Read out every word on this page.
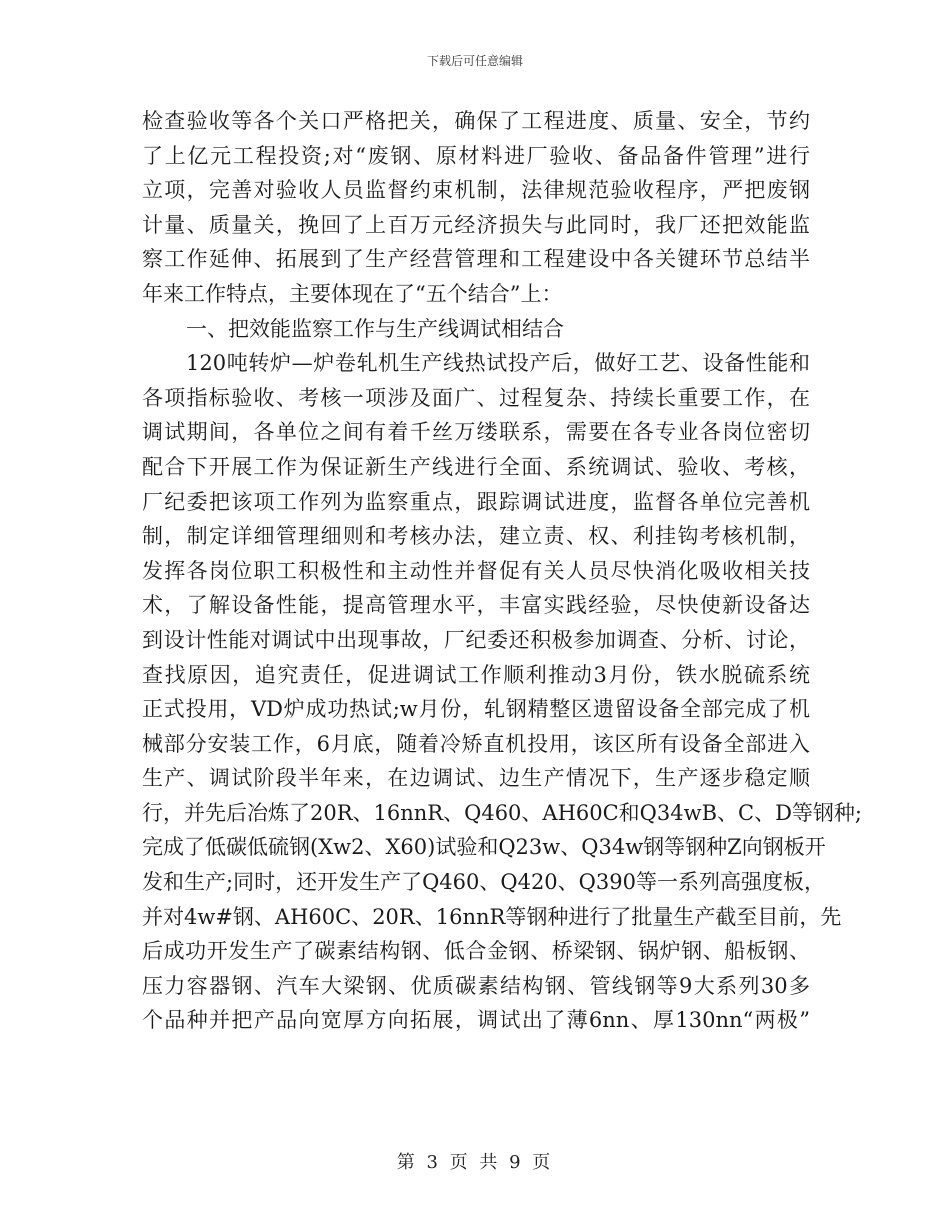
下载后可任意编辑
检查验收等各个关口严格把关，确保了工程进度、质量、安全，节约
了上亿元工程投资;对“废钢、原材料进厂验收、备品备件管理”进行
立项，完善对验收人员监督约束机制，法律规范验收程序，严把废钢
计量、质量关，挽回了上百万元经济损失与此同时，我厂还把效能监
察工作延伸、拓展到了生产经营管理和工程建设中各关键环节总结半
年来工作特点，主要体现在了“五个结合”上：
一、把效能监察工作与生产线调试相结合
120吨转炉—炉卷轧机生产线热试投产后，做好工艺、设备性能和
各项指标验收、考核一项涉及面广、过程复杂、持续长重要工作，在
调试期间，各单位之间有着千丝万缕联系，需要在各专业各岗位密切
配合下开展工作为保证新生产线进行全面、系统调试、验收、考核，
厂纪委把该项工作列为监察重点，跟踪调试进度，监督各单位完善机
制，制定详细管理细则和考核办法，建立责、权、利挂钩考核机制，
发挥各岗位职工积极性和主动性并督促有关人员尽快消化吸收相关技
术，了解设备性能，提高管理水平，丰富实践经验，尽快使新设备达
到设计性能对调试中出现事故，厂纪委还积极参加调查、分析、讨论，
查找原因，追究责任，促进调试工作顺利推动3月份，铁水脱硫系统
正式投用，VD炉成功热试;w月份，轧钢精整区遗留设备全部完成了机
械部分安装工作，6月底，随着冷矫直机投用，该区所有设备全部进入
生产、调试阶段半年来，在边调试、边生产情况下，生产逐步稳定顺
行，并先后冶炼了20R、16nnR、Q460、AH60C和Q34wB、C、D等钢种;
完成了低碳低硫钢(Xw2、X60)试验和Q23w、Q34w钢等钢种Z向钢板开
发和生产;同时，还开发生产了Q460、Q420、Q390等一系列高强度板，
并对4w#钢、AH60C、20R、16nnR等钢种进行了批量生产截至目前，先
后成功开发生产了碳素结构钢、低合金钢、桥梁钢、锅炉钢、船板钢、
压力容器钢、汽车大梁钢、优质碳素结构钢、管线钢等9大系列30多
个品种并把产品向宽厚方向拓展，调试出了薄6nn、厚130nn“两极”
第 3 页 共 9 页
